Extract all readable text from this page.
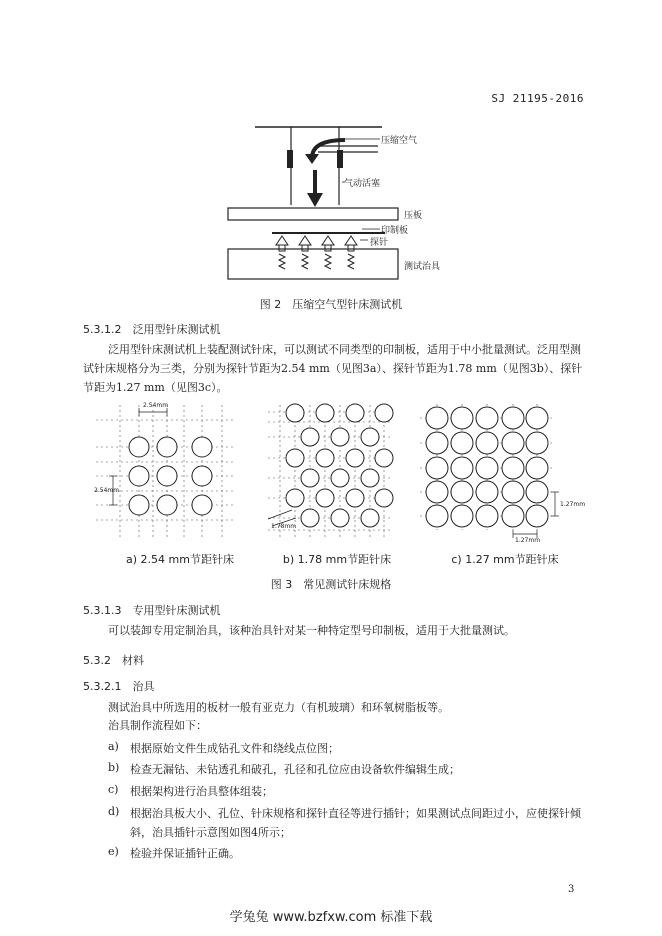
SJ 21195-2016
压缩空气
气动活塞
压板
印制板
探针
测试治具
图 2　压缩空气型针床测试机
5.3.1.2　泛用型针床测试机
泛用型针床测试机上装配测试针床，可以测试不同类型的印制板，适用于中小批量测试。泛用型测
试针床规格分为三类，分别为探针节距为2.54 mm（见图3a）、探针节距为1.78 mm（见图3b）、探针
节距为1.27 mm（见图3c）。
2.54mm
2.54mm
1.78mm
1.27mm
1.27mm
a) 2.54 mm节距针床	b) 1.78 mm节距针床	c) 1.27 mm节距针床
图 3　常见测试针床规格
5.3.1.3　专用型针床测试机
可以装卸专用定制治具，该种治具针对某一种特定型号印制板，适用于大批量测试。
5.3.2　材料
5.3.2.1　治具
测试治具中所选用的板材一般有亚克力（有机玻璃）和环氧树脂板等。
治具制作流程如下：
a) 根据原始文件生成钻孔文件和绕线点位图；
b) 检查无漏钻、未钻透孔和破孔，孔径和孔位应由设备软件编辑生成；
c) 根据架构进行治具整体组装；
d) 根据治具板大小、孔位、针床规格和探针直径等进行插针；如果测试点间距过小，应使探针倾
斜，治具插针示意图如图4所示；
e) 检验并保证插针正确。
3
学兔兔 www.bzfxw.com 标准下载
